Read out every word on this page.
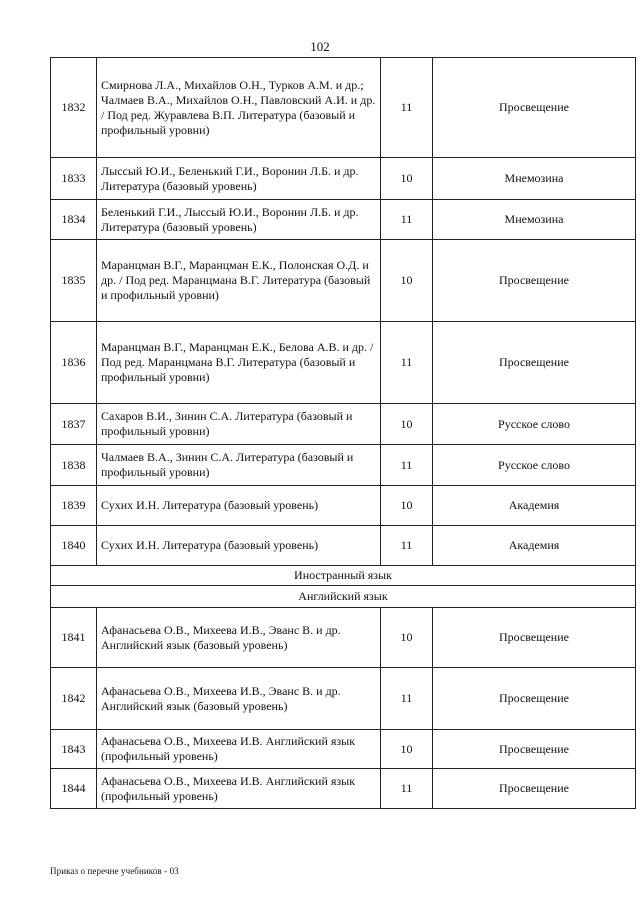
102
1832	Смирнова Л.А., Михайлов О.Н., Турков А.М. и др.; Чалмаев В.А., Михайлов О.Н., Павловский А.И. и др. / Под ред. Журавлева В.П. Литература (базовый и профильный уровни)	11	Просвещение
1833	Лыссый Ю.И., Беленький Г.И., Воронин Л.Б. и др. Литература (базовый уровень)	10	Мнемозина
1834	Беленький Г.И., Лыссый Ю.И., Воронин Л.Б. и др. Литература (базовый уровень)	11	Мнемозина
1835	Маранцман В.Г., Маранцман Е.К., Полонская О.Д. и др. / Под ред. Маранцмана В.Г. Литература (базовый и профильный уровни)	10	Просвещение
1836	Маранцман В.Г., Маранцман Е.К., Белова А.В. и др. / Под ред. Маранцмана В.Г. Литература (базовый и профильный уровни)	11	Просвещение
1837	Сахаров В.И., Зинин С.А. Литература (базовый и профильный уровни)	10	Русское слово
1838	Чалмаев В.А., Зинин С.А. Литература (базовый и профильный уровни)	11	Русское слово
1839	Сухих И.Н. Литература (базовый уровень)	10	Академия
1840	Сухих И.Н. Литература (базовый уровень)	11	Академия
Иностранный язык			
Английский язык			
1841	Афанасьева О.В., Михеева И.В., Эванс В. и др. Английский язык (базовый уровень)	10	Просвещение
1842	Афанасьева О.В., Михеева И.В., Эванс В. и др. Английский язык (базовый уровень)	11	Просвещение
1843	Афанасьева О.В., Михеева И.В. Английский язык (профильный уровень)	10	Просвещение
1844	Афанасьева О.В., Михеева И.В. Английский язык (профильный уровень)	11	Просвещение
Приказ о перечне учебников - 03
